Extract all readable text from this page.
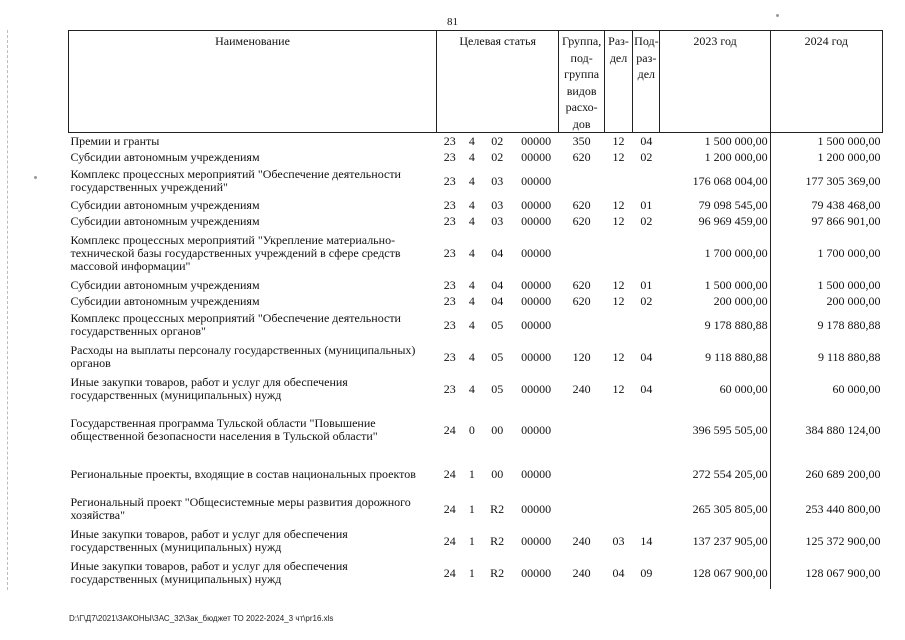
81
Наименование	Целевая статья				Группа, под-группа видов расхо-дов	Раз-дел	Под-раз-дел	2023 год	2024 год
Премии и гранты	23	4	02	00000	350	12	04	1 500 000,00	1 500 000,00
Субсидии автономным учреждениям	23	4	02	00000	620	12	02	1 200 000,00	1 200 000,00
Комплекс процессных мероприятий "Обеспечение деятельности государственных учреждений"	23	4	03	00000				176 068 004,00	177 305 369,00
Субсидии автономным учреждениям	23	4	03	00000	620	12	01	79 098 545,00	79 438 468,00
Субсидии автономным учреждениям	23	4	03	00000	620	12	02	96 969 459,00	97 866 901,00
Комплекс процессных мероприятий "Укрепление материально-технической базы государственных учреждений в сфере средств массовой информации"	23	4	04	00000				1 700 000,00	1 700 000,00
Субсидии автономным учреждениям	23	4	04	00000	620	12	01	1 500 000,00	1 500 000,00
Субсидии автономным учреждениям	23	4	04	00000	620	12	02	200 000,00	200 000,00
Комплекс процессных мероприятий "Обеспечение деятельности государственных органов"	23	4	05	00000				9 178 880,88	9 178 880,88
Расходы на выплаты персоналу государственных (муниципальных) органов	23	4	05	00000	120	12	04	9 118 880,88	9 118 880,88
Иные закупки товаров, работ и услуг для обеспечения государственных (муниципальных) нужд	23	4	05	00000	240	12	04	60 000,00	60 000,00
Государственная программа Тульской области "Повышение общественной безопасности населения в Тульской области"	24	0	00	00000				396 595 505,00	384 880 124,00
Региональные проекты, входящие в состав национальных проектов	24	1	00	00000				272 554 205,00	260 689 200,00
Региональный проект "Общесистемные меры развития дорожного хозяйства"	24	1	R2	00000				265 305 805,00	253 440 800,00
Иные закупки товаров, работ и услуг для обеспечения государственных (муниципальных) нужд	24	1	R2	00000	240	03	14	137 237 905,00	125 372 900,00
Иные закупки товаров, работ и услуг для обеспечения государственных (муниципальных) нужд	24	1	R2	00000	240	04	09	128 067 900,00	128 067 900,00
D:\Г\Д7\2021\ЗАКОНЫ\ЗАС_32\Зак_бюджет ТО 2022-2024_3 чт\pr16.xls
